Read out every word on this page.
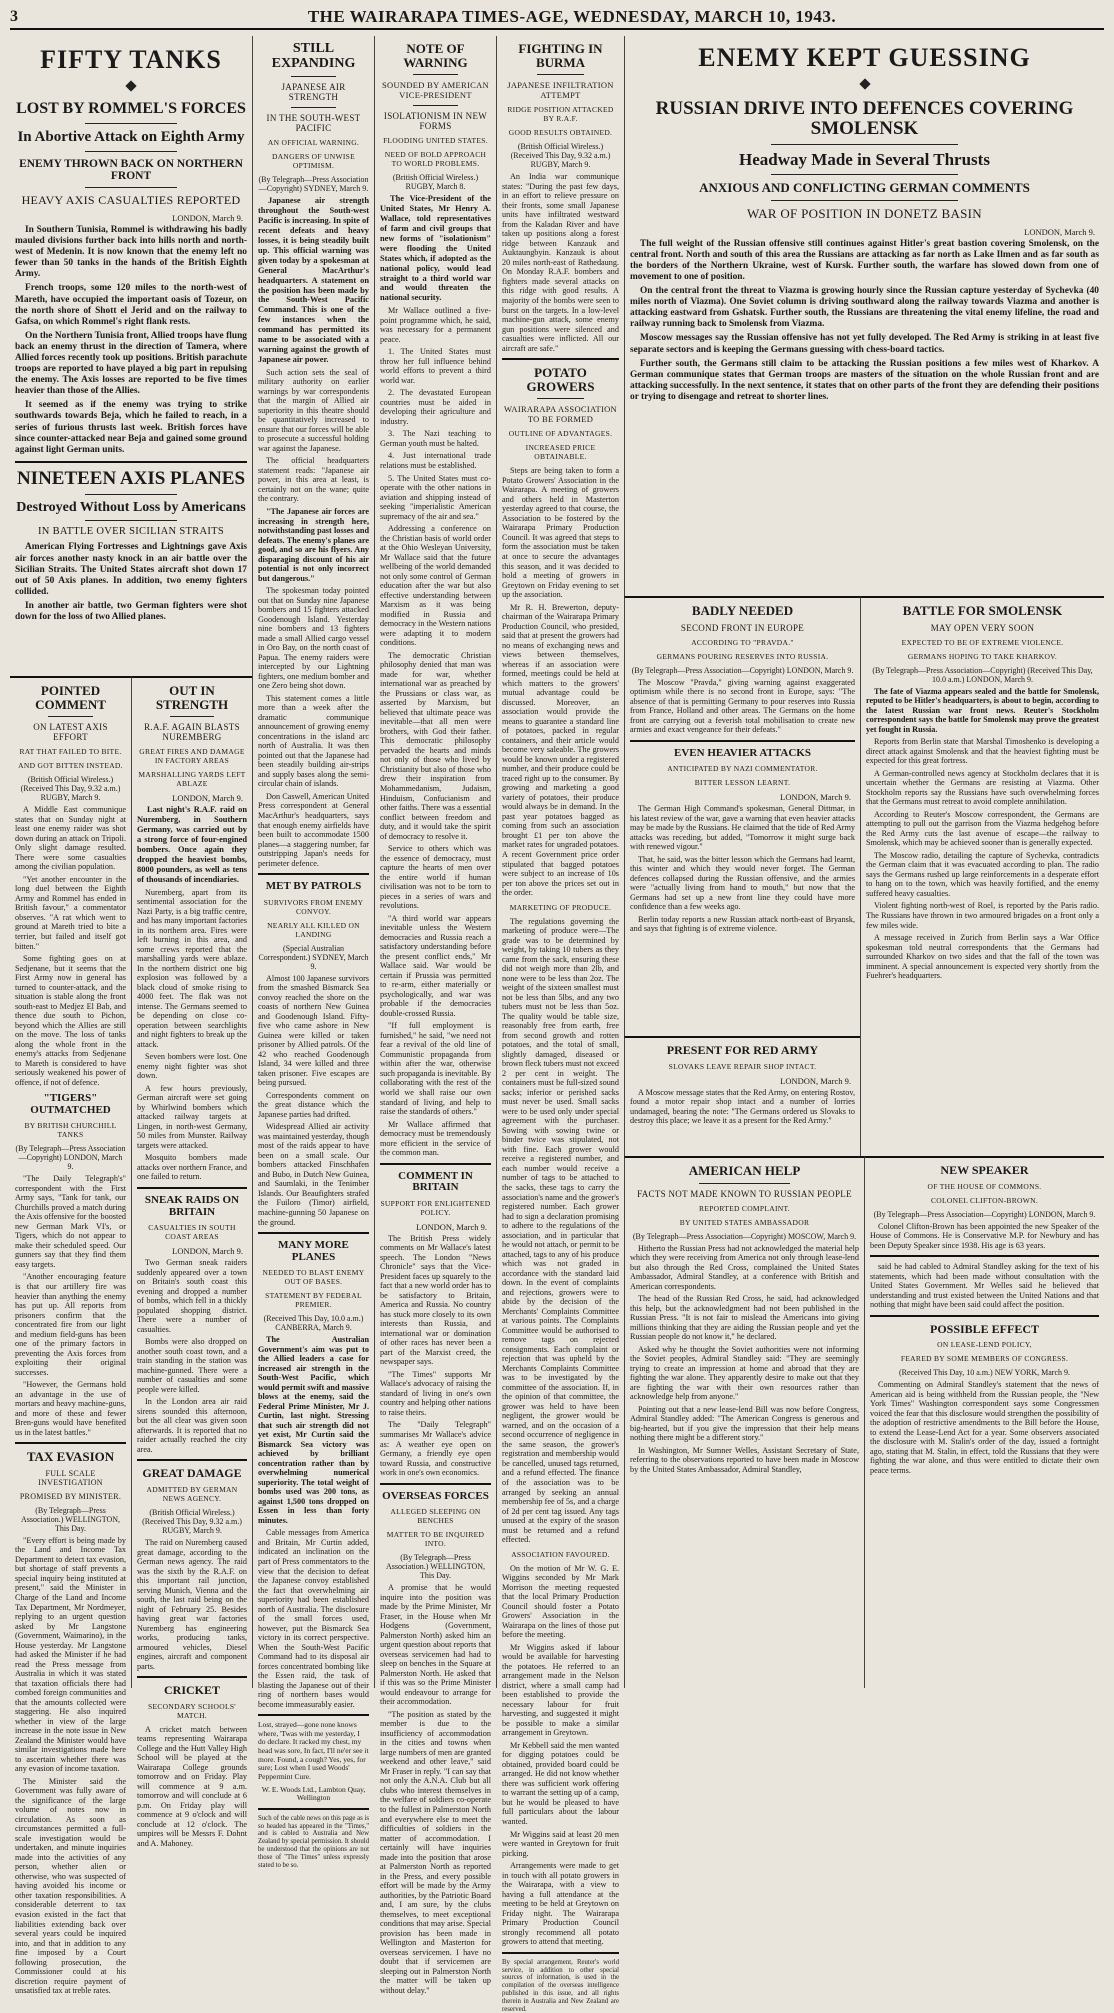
3	THE WAIRARAPA TIMES-AGE, WEDNESDAY, MARCH 10, 1943.
FIFTY TANKS
LOST BY ROMMEL'S FORCES
In Abortive Attack on Eighth Army
ENEMY THROWN BACK ON NORTHERN FRONT
HEAVY AXIS CASUALTIES REPORTED
LONDON, March 9.

In Southern Tunisia, Rommel is withdrawing his badly mauled divisions further back into hills north and north-west of Medenin. It is now known that the enemy left no fewer than 50 tanks in the hands of the British Eighth Army.

French troops, some 120 miles to the north-west of Mareth, have occupied the important oasis of Tozeur, on the north shore of Shott el Jerid and on the railway to Gafsa, on which Rommel's right flank rests.

On the Northern Tunisia front, Allied troops have flung back an enemy thrust in the direction of Tamera, where Allied forces recently took up positions. British parachute troops are reported to have played a big part in repulsing the enemy. The Axis losses are reported to be five times heavier than those of the Allies.

It seemed as if the enemy was trying to strike southwards towards Beja, which he failed to reach, in a series of furious thrusts last week. British forces have since counter-attacked near Beja and gained some ground against light German units.

NINETEEN AXIS PLANES
Destroyed Without Loss by Americans
IN BATTLE OVER SICILIAN STRAITS

American Flying Fortresses and Lightnings gave Axis air forces another nasty knock in an air battle over the Sicilian Straits. The United States aircraft shot down 17 out of 50 Axis planes. In addition, two enemy fighters collided.

In another air battle, two German fighters were shot down for the loss of two Allied planes.

POINTED COMMENT
ON LATEST AXIS EFFORT
RAT THAT FAILED TO BITE.
AND GOT BITTEN INSTEAD.
(British Official Wireless.) (Received This Day, 9.32 a.m.) RUGBY, March 9.

A Middle East communique states that on Sunday night at least one enemy raider was shot down during an attack on Tripoli. Only slight damage resulted. There were some casualties among the civilian population.

"Yet another encounter in the long duel between the Eighth Army and Rommel has ended in British favour," a commentator observes. "A rat which went to ground at Mareth tried to bite a terrier, but failed and itself got bitten."

Some fighting goes on at Sedjenane, but it seems that the First Army now in general has turned to counter-attack, and the situation is stable along the front south-east to Medjez El Bab, and thence due south to Pichon, beyond which the Allies are still on the move. The loss of tanks along the whole front in the enemy's attacks from Sedjenane to Mareth is considered to have seriously weakened his power of offence, if not of defence.

"TIGERS" OUTMATCHED
BY BRITISH CHURCHILL TANKS
(By Telegraph—Press Association—Copyright) LONDON, March 9.

"The Daily Telegraph's" correspondent with the First Army says, "Tank for tank, our Churchills proved a match during the Axis offensive for the boosted new German Mark VI's, or Tigers, which do not appear to make their scheduled speed. Our gunners say that they find them easy targets.

"Another encouraging feature is that our artillery fire was heavier than anything the enemy has put up. All reports from prisoners confirm that the concentrated fire from our light and medium field-guns has been one of the primary factors in preventing the Axis forces from exploiting their original successes.

"However, the Germans hold an advantage in the use of mortars and heavy machine-guns, and more of these and fewer Bren-guns would have benefited us in the latest battles."

TAX EVASION
FULL SCALE INVESTIGATION
PROMISED BY MINISTER.
(By Telegraph—Press Association.) WELLINGTON, This Day.

"Every effort is being made by the Land and Income Tax Department to detect tax evasion, but shortage of staff prevents a special inquiry being instituted at present," said the Minister in Charge of the Land and Income Tax Department, Mr Nordmeyer, replying to an urgent question asked by Mr Langstone (Government, Waimarino), in the House yesterday. Mr Langstone had asked the Minister if he had read the Press message from Australia in which it was stated that taxation officials there had combed foreign communities and that the amounts collected were staggering. He also inquired whether in view of the large increase in the note issue in New Zealand the Minister would have similar investigations made here to ascertain whether there was any evasion of income taxation.

The Minister said the Government was fully aware of the significance of the large volume of notes now in circulation. As soon as circumstances permitted a full-scale investigation would be undertaken, and minute inquiries made into the activities of any person, whether alien or otherwise, who was suspected of having avoided his income or other taxation responsibilities. A considerable deterrent to tax evasion existed in the fact that liabilities extending back over several years could be inquired into, and that in addition to any fine imposed by a Court following prosecution, the Commissioner could at his discretion require payment of unsatisfied tax at treble rates.

OUT IN STRENGTH
R.A.F. AGAIN BLASTS NUREMBERG
GREAT FIRES AND DAMAGE IN FACTORY AREAS
MARSHALLING YARDS LEFT ABLAZE
LONDON, March 9.

Last night's R.A.F. raid on Nuremberg, in Southern Germany, was carried out by a strong force of four-engined bombers. Once again they dropped the heaviest bombs, 8000 pounders, as well as tens of thousands of incendiaries.

Nuremberg, apart from its sentimental association for the Nazi Party, is a big traffic centre, and has many important factories in its northern area. Fires were left burning in this area, and some crews reported that the marshalling yards were ablaze. In the northern district one big explosion was followed by a black cloud of smoke rising to 4000 feet. The flak was not intense. The Germans seemed to be depending on close co-operation between searchlights and night fighters to break up the attack.

Seven bombers were lost. One enemy night fighter was shot down.

A few hours previously, German aircraft were set going by Whirlwind bombers which attacked railway targets at Lingen, in north-west Germany, 50 miles from Munster. Railway targets were attacked.

Mosquito bombers made attacks over northern France, and one failed to return.

SNEAK RAIDS ON BRITAIN
CASUALTIES IN SOUTH COAST AREAS
LONDON, March 9.

Two German sneak raiders suddenly appeared over a town on Britain's south coast this evening and dropped a number of bombs, which fell in a thickly populated shopping district. There were a number of casualties.

Bombs were also dropped on another south coast town, and a train standing in the station was machine-gunned. There were a number of casualties and some people were killed.

In the London area air raid sirens sounded this afternoon, but the all clear was given soon afterwards. It is reported that no raider actually reached the city area.

GREAT DAMAGE
ADMITTED BY GERMAN NEWS AGENCY.
(British Official Wireless.) (Received This Day, 9.32 a.m.) RUGBY, March 9.

The raid on Nuremberg caused great damage, according to the German news agency. The raid was the sixth by the R.A.F. on this important rail junction, serving Munich, Vienna and the south, the last raid being on the night of February 25. Besides having great war factories Nuremberg has engineering works, producing tanks, armoured vehicles, Diesel engines, aircraft and component parts.

CRICKET
SECONDARY SCHOOLS' MATCH.

A cricket match between teams representing Wairarapa College and the Hutt Valley High School will be played at the Wairarapa College grounds tomorrow and on Friday. Play will commence at 9 a.m. tomorrow and will conclude at 6 p.m. On Friday play will commence at 9 o'clock and will conclude at 12 o'clock. The umpires will be Messrs F. Dohnt and A. Mahoney.

STILL EXPANDING
JAPANESE AIR STRENGTH
IN THE SOUTH-WEST PACIFIC
AN OFFICIAL WARNING.
DANGERS OF UNWISE OPTIMISM.
(By Telegraph—Press Association—Copyright) SYDNEY, March 9.

Japanese air strength throughout the South-west Pacific is increasing. In spite of recent defeats and heavy losses, it is being steadily built up. This official warning was given today by a spokesman at General MacArthur's headquarters. A statement on the position has been made by the South-West Pacific Command. This is one of the few instances when the command has permitted its name to be associated with a warning against the growth of Japanese air power.

Such action sets the seal of military authority on earlier warnings by war correspondents that the margin of Allied air superiority in this theatre should be quantitatively increased to ensure that our forces will be able to prosecute a successful holding war against the Japanese.

The official headquarters statement reads: "Japanese air power, in this area at least, is certainly not on the wane; quite the contrary.

"The Japanese air forces are increasing in strength here, notwithstanding past losses and defeats. The enemy's planes are good, and so are his flyers. Any disparaging discount of his air potential is not only incorrect but dangerous."

The spokesman today pointed out that on Sunday nine Japanese bombers and 15 fighters attacked Goodenough Island. Yesterday nine bombers and 13 fighters made a small Allied cargo vessel in Oro Bay, on the north coast of Papua. The enemy raiders were intercepted by our Lightning fighters, one medium bomber and one Zero being shot down.

This statement comes a little more than a week after the dramatic communique announcement of growing enemy concentrations in the island arc north of Australia. It was then pointed out that the Japanese had been steadily building air-strips and supply bases along the semi-circular chain of islands.

Don Caswell, American United Press correspondent at General MacArthur's headquarters, says that enough enemy airfields have been built to accommodate 1500 planes—a staggering number, far outstripping Japan's needs for perimeter defence.

MET BY PATROLS
SURVIVORS FROM ENEMY CONVOY.
NEARLY ALL KILLED ON LANDING
(Special Australian Correspondent.) SYDNEY, March 9.

Almost 100 Japanese survivors from the smashed Bismarck Sea convoy reached the shore on the coasts of northern New Guinea and Goodenough Island. Fifty-five who came ashore in New Guinea were killed or taken prisoner by Allied patrols. Of the 42 who reached Goodenough Island, 34 were killed and three taken prisoner. Five escapes are being pursued.

Correspondents comment on the great distance which the Japanese parties had drifted.

Widespread Allied air activity was maintained yesterday, though most of the raids appear to have been on a small scale. Our bombers attacked Finschhafen and Bubo, in Dutch New Guinea, and Saumlaki, in the Tenimber Islands. Our Beaufighters strafed the Fuiloro (Timor) airfield, machine-gunning 50 Japanese on the ground.

MANY MORE PLANES
NEEDED TO BLAST ENEMY OUT OF BASES.
STATEMENT BY FEDERAL PREMIER.
(Received This Day, 10.0 a.m.) CANBERRA, March 9.

The Australian Government's aim was put to the Allied leaders a case for increased air strength in the South-West Pacific, which would permit swift and massive blows at the enemy, said the Federal Prime Minister, Mr J. Curtin, last night. Stressing that such air strength did not yet exist, Mr Curtin said the Bismarck Sea victory was achieved by brilliant concentration rather than by overwhelming numerical superiority. The total weight of bombs used was 200 tons, as against 1,500 tons dropped on Essen in less than forty minutes.

Cable messages from America and Britain, Mr Curtin added, indicated an inclination on the part of Press commentators to the view that the decision to defeat the Japanese convoy established the fact that overwhelming air superiority had been established north of Australia. The disclosure of the small forces used, however, put the Bismarck Sea victory in its correct perspective. When the South-West Pacific Command had to its disposal air forces concentrated bombing like the Essen raid, the task of blasting the Japanese out of their ring of northern bases would become immeasurably easier.

Lost, strayed—gone none knows where, 'Twas with me yesterday, I do declare. It racked my chest, my head was sore, In fact, I'll ne'er see it more. Found, a cough? Yes, yes, for sure; Lost when I used Woods' Peppermint Cure.

W. E. Woods Ltd., Lambton Quay, Wellington

Such of the cable news on this page as is so headed has appeared in the "Times," and is cabled to Australia and New Zealand by special permission. It should be understood that the opinions are not those of "The Times" unless expressly stated to be so.

NOTE OF WARNING
SOUNDED BY AMERICAN VICE-PRESIDENT
ISOLATIONISM IN NEW FORMS
FLOODING UNITED STATES.
NEED OF BOLD APPROACH TO WORLD PROBLEMS.
(British Official Wireless.) RUGBY, March 8.

The Vice-President of the United States, Mr Henry A. Wallace, told representatives of farm and civil groups that new forms of "isolationism" were flooding the United States which, if adopted as the national policy, would lead straight to a third world war and would threaten the national security.

Mr Wallace outlined a five-point programme which, he said, was necessary for a permanent peace.

1. The United States must throw her full influence behind world efforts to prevent a third world war.

2. The devastated European countries must be aided in developing their agriculture and industry.

3. The Nazi teaching to German youth must be halted.

4. Just international trade relations must be established.

5. The United States must co-operate with the other nations in aviation and shipping instead of seeking "imperialistic American supremacy of the air and sea."

Addressing a conference on the Christian basis of world order at the Ohio Wesleyan University, Mr Wallace said that the future wellbeing of the world demanded not only some control of German education after the war but also effective understanding between Marxism as it was being modified in Russia and democracy in the Western nations were adapting it to modern conditions.

The democratic Christian philosophy denied that man was made for war, whether international war as preached by the Prussians or class war, as asserted by Marxism, but believed that ultimate peace was inevitable—that all men were brothers, with God their father. This democratic philosophy pervaded the hearts and minds not only of those who lived by Christianity but also of those who drew their inspiration from Mohammedanism, Judaism, Hinduism, Confucianism and other faiths. There was a essential conflict between freedom and duty, and it would take the spirit of democracy to resolve it.

Service to others which was the essence of democracy, must capture the hearts of men over the entire world if human civilisation was not to be torn to pieces in a series of wars and revolutions.

"A third world war appears inevitable unless the Western democracies and Russia reach a satisfactory understanding before the present conflict ends," Mr Wallace said. War would be certain if Prussia was permitted to re-arm, either materially or psychologically, and war was probable if the democracies double-crossed Russia.

"If full employment is furnished," he said, "we need not fear a revival of the old line of Communistic propaganda from within after the war, otherwise such propaganda is inevitable. By collaborating with the rest of the world we shall raise our own standard of living, and help to raise the standards of others."

Mr Wallace affirmed that democracy must be tremendously more efficient in the service of the common man.

COMMENT IN BRITAIN
SUPPORT FOR ENLIGHTENED POLICY.
LONDON, March 9.

The British Press widely comments on Mr Wallace's latest speech. The London "News Chronicle" says that the Vice-President faces up squarely to the fact that a new world order has to be satisfactory to Britain, America and Russia. No country has stuck more closely to its own interests than Russia, and international war or domination of other races has never been a part of the Marxist creed, the newspaper says.

"The Times" supports Mr Wallace's advocacy of raising the standard of living in one's own country and helping other nations to raise theirs.

The "Daily Telegraph" summarises Mr Wallace's advice as: A weather eye open on Germany, a friendly eye open toward Russia, and constructive work in one's own economics.

OVERSEAS FORCES
ALLEGED SLEEPING ON BENCHES
MATTER TO BE INQUIRED INTO.
(By Telegraph—Press Association.) WELLINGTON, This Day.

A promise that he would inquire into the position was made by the Prime Minister, Mr Fraser, in the House when Mr Hodgens (Government, Palmerston North) asked him an urgent question about reports that overseas servicemen had had to sleep on benches in the Square at Palmerston North. He asked that if this was so the Prime Minister would endeavour to arrange for their accommodation.

"The position as stated by the member is due to the insufficiency of accommodation in the cities and towns when large numbers of men are granted weekend and other leave," said Mr Fraser in reply. "I can say that not only the A.N.A. Club but all clubs who interest themselves in the welfare of soldiers co-operate to the fullest in Palmerston North and everywhere else to meet the difficulties of soldiers in the matter of accommodation. I certainly will have inquiries made into the position that arose at Palmerston North as reported in the Press, and every possible effort will be made by the Army authorities, by the Patriotic Board and, I am sure, by the clubs themselves, to meet exceptional conditions that may arise. Special provision has been made in Wellington and Masterton for overseas servicemen. I have no doubt that if servicemen are sleeping out in Palmerston North the matter will be taken up without delay."

FIGHTING IN BURMA
JAPANESE INFILTRATION ATTEMPT
RIDGE POSITION ATTACKED BY R.A.F.
GOOD RESULTS OBTAINED.
(British Official Wireless.) (Received This Day, 9.32 a.m.) RUGBY, March 9.

An India war communique states: "During the past few days, in an effort to relieve pressure on their fronts, some small Japanese units have infiltrated westward from the Kaladan River and have taken up positions along a forest ridge between Kanzauk and Auktaungbyin. Kanzauk is about 20 miles north-east of Rathedaung. On Monday R.A.F. bombers and fighters made several attacks on this ridge with good results. A majority of the bombs were seen to burst on the targets. In a low-level machine-gun attack, some enemy gun positions were silenced and casualties were inflicted. All our aircraft are safe."

POTATO GROWERS
WAIRARAPA ASSOCIATION TO BE FORMED
OUTLINE OF ADVANTAGES.
INCREASED PRICE OBTAINABLE.

Steps are being taken to form a Potato Growers' Association in the Wairarapa. A meeting of growers and others held in Masterton yesterday agreed to that course, the Association to be fostered by the Wairarapa Primary Production Council. It was agreed that steps to form the association must be taken at once to secure the advantages this season, and it was decided to hold a meeting of growers in Greytown on Friday evening to set up the association.

Mr R. H. Brewerton, deputy-chairman of the Wairarapa Primary Production Council, who presided, said that at present the growers had no means of exchanging news and views between themselves, whereas if an association were formed, meetings could be held at which matters to the growers' mutual advantage could be discussed. Moreover, an association would provide the means to guarantee a standard line of potatoes, packed in regular containers, and their article would become very saleable. The growers would be known under a registered number, and their produce could be traced right up to the consumer. By growing and marketing a good variety of potatoes, their produce would always be in demand. In the past year potatoes bagged as coming from such an association brought £1 per ton above the market rates for ungraded potatoes. A recent Government price order stipulated that bagged potatoes were subject to an increase of 10s per ton above the prices set out in the order.

MARKETING OF PRODUCE.

The regulations governing the marketing of produce were—The grade was to be determined by weight, by taking 10 tubers as they came from the sack, ensuring these did not weigh more than 2lb, and none were to be less than 2oz. The weight of the sixteen smallest must not be less than 5lbs, and any two tubers must not be less than 5oz. The quality would be table size, reasonably free from earth, free from second growth and rotten potatoes, and the total of small, slightly damaged, diseased or brown fleck tubers must not exceed 2 per cent in weight. The containers must be full-sized sound sacks; inferior or perished sacks must never be used. Small sacks were to be used only under special agreement with the purchaser. Sowing with sowing twine or binder twice was stipulated, not with fine. Each grower would receive a registered number, and each number would receive a number of tags to be attached to the sacks, these tags to carry the association's name and the grower's registered number. Each grower had to sign a declaration promising to adhere to the regulations of the association, and in particular that he would not attach, or permit to be attached, tags to any of his produce which was not graded in accordance with the standard laid down. In the event of complaints and rejections, growers were to abide by the decision of the Merchants' Complaints Committee at various points. The Complaints Committee would be authorised to remove tags on rejected consignments. Each complaint or rejection that was upheld by the Merchants Complaints Committee was to be investigated by the committee of the association. If, in the opinion of that committee, the grower was held to have been negligent, the grower would be warned, and on the occasion of a second occurrence of negligence in the same season, the grower's registration and membership would be cancelled, unused tags returned, and a refund effected. The finance of the association was to be arranged by seeking an annual membership fee of 5s, and a charge of 2d per cent tag issued. Any tags unused at the expiry of the season must be returned and a refund effected.

ASSOCIATION FAVOURED.

On the motion of Mr W. G. E. Wiggins seconded by Mr Mark Morrison the meeting requested that the local Primary Production Council should foster a Potato Growers' Association in the Wairarapa on the lines of those put before the meeting.

Mr Wiggins asked if labour would be available for harvesting the potatoes. He referred to an arrangement made in the Nelson district, where a small camp had been established to provide the necessary labour for fruit harvesting, and suggested it might be possible to make a similar arrangement in Greytown.

Mr Kebbell said the men wanted for digging potatoes could be obtained, provided board could be arranged. He did not know whether there was sufficient work offering to warrant the setting up of a camp, but he would be pleased to have full particulars about the labour wanted.

Mr Wiggins said at least 20 men were wanted in Greytown for fruit picking.

Arrangements were made to get in touch with all potato growers in the Wairarapa, with a view to having a full attendance at the meeting to be held at Greytown on Friday night. The Wairarapa Primary Production Council strongly recommend all potato growers to attend that meeting.

By special arrangement, Reuter's world service, in addition to other special sources of information, is used in the compilation of the overseas intelligence published in this issue, and all rights therein in Australia and New Zealand are reserved.

ENEMY KEPT GUESSING
RUSSIAN DRIVE INTO DEFENCES COVERING SMOLENSK
Headway Made in Several Thrusts
ANXIOUS AND CONFLICTING GERMAN COMMENTS
WAR OF POSITION IN DONETZ BASIN
LONDON, March 9.

The full weight of the Russian offensive still continues against Hitler's great bastion covering Smolensk, on the central front. North and south of this area the Russians are attacking as far north as Lake Ilmen and as far south as the borders of the Northern Ukraine, west of Kursk. Further south, the warfare has slowed down from one of movement to one of position.

On the central front the threat to Viazma is growing hourly since the Russian capture yesterday of Sychevka (40 miles north of Viazma). One Soviet column is driving southward along the railway towards Viazma and another is attacking eastward from Gshatsk. Further south, the Russians are threatening the vital enemy lifeline, the road and railway running back to Smolensk from Viazma.

Moscow messages say the Russian offensive has not yet fully developed. The Red Army is striking in at least five separate sectors and is keeping the Germans guessing with chess-board tactics.

Further south, the Germans still claim to be attacking the Russian positions a few miles west of Kharkov. A German communique states that German troops are masters of the situation on the whole Russian front and are attacking successfully. In the next sentence, it states that on other parts of the front they are defending their positions or trying to disengage and retreat to shorter lines.

BADLY NEEDED
SECOND FRONT IN EUROPE
ACCORDING TO "PRAVDA."
GERMANS POURING RESERVES INTO RUSSIA.
(By Telegraph—Press Association—Copyright) LONDON, March 9.

The Moscow "Pravda," giving warning against exaggerated optimism while there is no second front in Europe, says: "The absence of that is permitting Germany to pour reserves into Russia from France, Holland and other areas. The Germans on the home front are carrying out a feverish total mobilisation to create new armies and exact vengeance for their defeats."

EVEN HEAVIER ATTACKS
ANTICIPATED BY NAZI COMMENTATOR.
BITTER LESSON LEARNT.
LONDON, March 9.

The German High Command's spokesman, General Dittmar, in his latest review of the war, gave a warning that even heavier attacks may be made by the Russians. He claimed that the tide of Red Army attacks was receding, but added, "Tomorrow it might surge back with renewed vigour."

That, he said, was the bitter lesson which the Germans had learnt, this winter and which they would never forget. The German defences collapsed during the Russian offensive, and the armies were "actually living from hand to mouth," but now that the Germans had set up a new front line they could have more confidence than a few weeks ago.

Berlin today reports a new Russian attack north-east of Bryansk, and says that fighting is of extreme violence.

BATTLE FOR SMOLENSK
MAY OPEN VERY SOON
EXPECTED TO BE OF EXTREME VIOLENCE.
GERMANS HOPING TO TAKE KHARKOV.
(By Telegraph—Press Association—Copyright) (Received This Day, 10.0 a.m.) LONDON, March 9.

The fate of Viazma appears sealed and the battle for Smolensk, reputed to be Hitler's headquarters, is about to begin, according to the latest Russian war front news. Reuter's Stockholm correspondent says the battle for Smolensk may prove the greatest yet fought in Russia.

Reports from Berlin state that Marshal Timoshenko is developing a direct attack against Smolensk and that the heaviest fighting must be expected for this great fortress.

A German-controlled news agency at Stockholm declares that it is uncertain whether the Germans are resisting at Viazma. Other Stockholm reports say the Russians have such overwhelming forces that the Germans must retreat to avoid complete annihilation.

According to Reuter's Moscow correspondent, the Germans are attempting to pull out the garrison from the Viazma hedgehog before the Red Army cuts the last avenue of escape—the railway to Smolensk, which may be achieved sooner than is generally expected.

The Moscow radio, detailing the capture of Sychevka, contradicts the German claim that it was evacuated according to plan. The radio says the Germans rushed up large reinforcements in a desperate effort to hang on to the town, which was heavily fortified, and the enemy suffered heavy casualties.

Violent fighting north-west of Roel, is reported by the Paris radio. The Russians have thrown in two armoured brigades on a front only a few miles wide.

A message received in Zurich from Berlin says a War Office spokesman told neutral correspondents that the Germans had surrounded Kharkov on two sides and that the fall of the town was imminent. A special announcement is expected very shortly from the Fuehrer's headquarters.

PRESENT FOR RED ARMY
SLOVAKS LEAVE REPAIR SHOP INTACT.
LONDON, March 9.

A Moscow message states that the Red Army, on entering Rostov, found a motor repair shop intact and a number of lorries undamaged, bearing the note: "The Germans ordered us Slovaks to destroy this place; we leave it as a present for the Red Army."

AMERICAN HELP
FACTS NOT MADE KNOWN TO RUSSIAN PEOPLE
REPORTED COMPLAINT.
BY UNITED STATES AMBASSADOR
(By Telegraph—Press Association—Copyright) MOSCOW, March 9.

Hitherto the Russian Press had not acknowledged the material help which they were receiving from America not only through lease-lend but also through the Red Cross, complained the United States Ambassador, Admiral Standley, at a conference with British and American correspondents.

The head of the Russian Red Cross, he said, had acknowledged this help, but the acknowledgment had not been published in the Russian Press. "It is not fair to mislead the Americans into giving millions thinking that they are aiding the Russian people and yet the Russian people do not know it," he declared.

Asked why he thought the Soviet authorities were not informing the Soviet peoples, Admiral Standley said: "They are seemingly trying to create an impression at home and abroad that they are fighting the war alone. They apparently desire to make out that they are fighting the war with their own resources rather than acknowledge help from anyone."

Pointing out that a new lease-lend Bill was now before Congress, Admiral Standley added: "The American Congress is generous and big-hearted, but if you give the impression that their help means nothing there might be a different story."

In Washington, Mr Sumner Welles, Assistant Secretary of State, referring to the observations reported to have been made in Moscow by the United States Ambassador, Admiral Standley,

NEW SPEAKER
OF THE HOUSE OF COMMONS.
COLONEL CLIFTON-BROWN.
(By Telegraph—Press Association—Copyright) LONDON, March 9.

Colonel Clifton-Brown has been appointed the new Speaker of the House of Commons. He is Conservative M.P. for Newbury and has been Deputy Speaker since 1938. His age is 63 years.

said he had cabled to Admiral Standley asking for the text of his statements, which had been made without consultation with the United States Government. Mr Welles said he believed that understanding and trust existed between the United Nations and that nothing that might have been said could affect the position.

POSSIBLE EFFECT
ON LEASE-LEND POLICY,
FEARED BY SOME MEMBERS OF CONGRESS.
(Received This Day, 10 a.m.) NEW YORK, March 9.

Commenting on Admiral Standley's statement that the news of American aid is being withheld from the Russian people, the "New York Times" Washington correspondent says some Congressmen voiced the fear that this disclosure would strengthen the possibility of the adoption of restrictive amendments to the Bill before the House, to extend the Lease-Lend Act for a year. Some observers associated the disclosure with M. Stalin's order of the day, issued a fortnight ago, stating that M. Stalin, in effect, told the Russians that they were fighting the war alone, and thus were entitled to dictate their own peace terms.
